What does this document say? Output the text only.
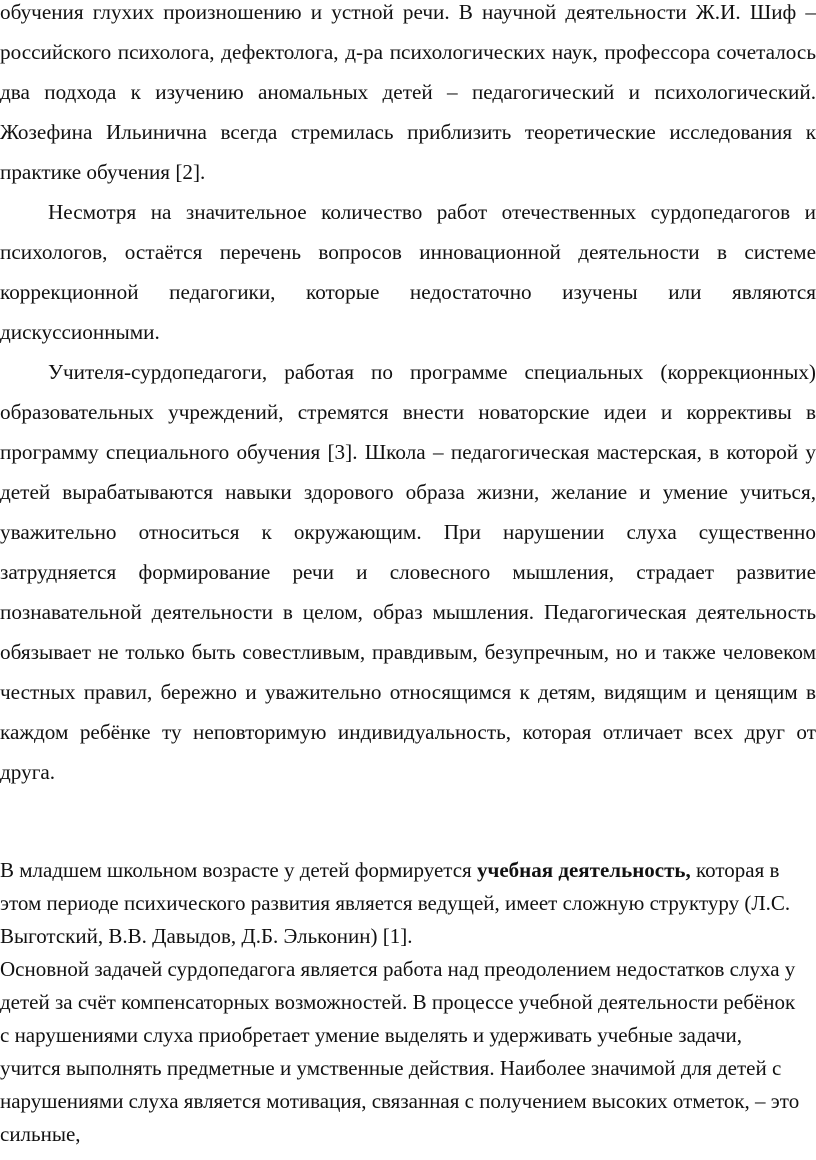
обучения глухих произношению и устной речи. В научной деятельности Ж.И. Шиф – российского психолога, дефектолога, д-ра психологических наук, профессора сочеталось два подхода к изучению аномальных детей – педагогический и психологический. Жозефина Ильинична всегда стремилась приблизить теоретические исследования к практике обучения [2].

Несмотря на значительное количество работ отечественных сурдопедагогов и психологов, остаётся перечень вопросов инновационной деятельности в системе коррекционной педагогики, которые недостаточно изучены или являются дискуссионными.

Учителя-сурдопедагоги, работая по программе специальных (коррекционных) образовательных учреждений, стремятся внести новаторские идеи и коррективы в программу специального обучения [3]. Школа – педагогическая мастерская, в которой у детей вырабатываются навыки здорового образа жизни, желание и умение учиться, уважительно относиться к окружающим. При нарушении слуха существенно затрудняется формирование речи и словесного мышления, страдает развитие познавательной деятельности в целом, образ мышления. Педагогическая деятельность обязывает не только быть совестливым, правдивым, безупречным, но и также человеком честных правил, бережно и уважительно относящимся к детям, видящим и ценящим в каждом ребёнке ту неповторимую индивидуальность, которая отличает всех друг от друга.

В младшем школьном возрасте у детей формируется учебная деятельность, которая в этом периоде психического развития является ведущей, имеет сложную структуру (Л.С. Выготский, В.В. Давыдов, Д.Б. Эльконин) [1].

Основной задачей сурдопедагога является работа над преодолением недостатков слуха у детей за счёт компенсаторных возможностей. В процессе учебной деятельности ребёнок с нарушениями слуха приобретает умение выделять и удерживать учебные задачи, учится выполнять предметные и умственные действия. Наиболее значимой для детей с нарушениями слуха является мотивация, связанная с получением высоких отметок, – это сильные,
